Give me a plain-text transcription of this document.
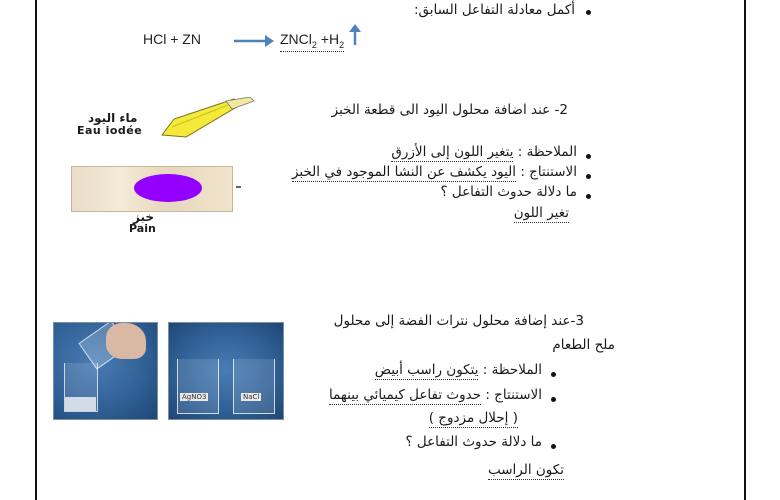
أكمل معادلة التفاعل السابق:
HCl + ZN → ZNCl$_2$ $+H_2$
2- عند اضافة محلول اليود الى قطعة الخبز
ماء اليود
Eau iodée
خبز
Pain
الملاحظة : يتغير اللون إلى الأزرق
الاستنتاج : اليود يكشف عن النشا الموجود في الخبز
ما دلالة حدوث التفاعل ؟
تغير اللون
AgNO3	NaCl
3-عند إضافة محلول نترات الفضة إلى محلول
ملح الطعام
الملاحظة : يتكون راسب أبيض
الاستنتاج : حدوث تفاعل كيميائي بينهما
( إحلال مزدوج )
ما دلالة حدوث التفاعل ؟
تكون الراسب
